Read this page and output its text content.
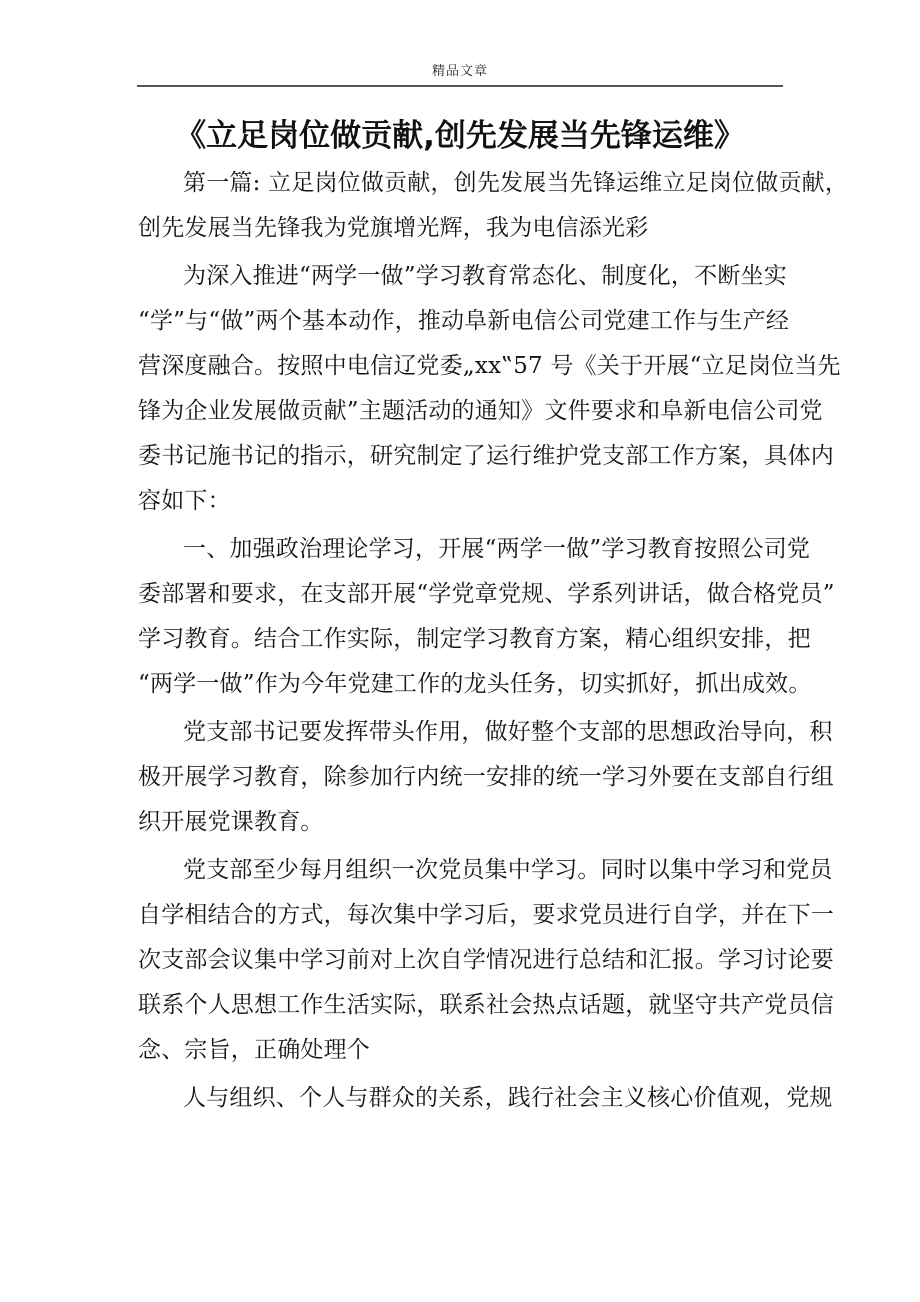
精品文章
《立足岗位做贡献,创先发展当先锋运维》
第一篇: 立足岗位做贡献，创先发展当先锋运维立足岗位做贡献，
创先发展当先锋我为党旗增光辉，我为电信添光彩
为深入推进“两学一做”学习教育常态化、制度化，不断坐实
“学”与“做”两个基本动作，推动阜新电信公司党建工作与生产经
营深度融合。按照中电信辽党委„xx‟57 号《关于开展“立足岗位当先
锋为企业发展做贡献”主题活动的通知》文件要求和阜新电信公司党
委书记施书记的指示，研究制定了运行维护党支部工作方案，具体内
容如下：
一、加强政治理论学习，开展“两学一做”学习教育按照公司党
委部署和要求，在支部开展“学党章党规、学系列讲话，做合格党员”
学习教育。结合工作实际，制定学习教育方案，精心组织安排，把
“两学一做”作为今年党建工作的龙头任务，切实抓好，抓出成效。
党支部书记要发挥带头作用，做好整个支部的思想政治导向，积
极开展学习教育，除参加行内统一安排的统一学习外要在支部自行组
织开展党课教育。
党支部至少每月组织一次党员集中学习。同时以集中学习和党员
自学相结合的方式，每次集中学习后，要求党员进行自学，并在下一
次支部会议集中学习前对上次自学情况进行总结和汇报。学习讨论要
联系个人思想工作生活实际，联系社会热点话题，就坚守共产党员信
念、宗旨，正确处理个
人与组织、个人与群众的关系，践行社会主义核心价值观，党规
